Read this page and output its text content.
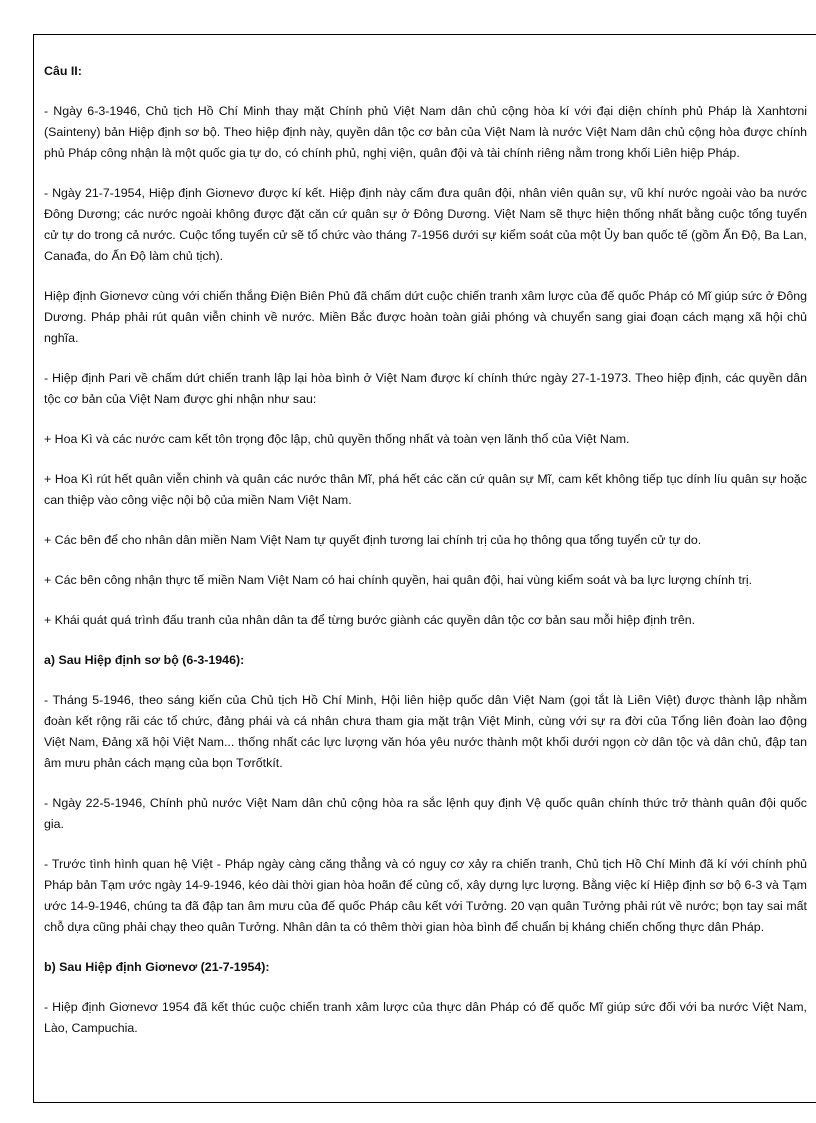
Câu II:

- Ngày 6-3-1946, Chủ tịch Hồ Chí Minh thay mặt Chính phủ Việt Nam dân chủ cộng hòa kí với đại diện chính phủ Pháp là Xanhtơni (Sainteny) bản Hiệp định sơ bộ. Theo hiệp định này, quyền dân tộc cơ bản của Việt Nam là nước Việt Nam dân chủ cộng hòa được chính phủ Pháp công nhận là một quốc gia tự do, có chính phủ, nghị viện, quân đội và tài chính riêng nằm trong khối Liên hiệp Pháp.

- Ngày 21-7-1954, Hiệp định Giơnevơ được kí kết. Hiệp định này cấm đưa quân đội, nhân viên quân sự, vũ khí nước ngoài vào ba nước Đông Dương; các nước ngoài không được đặt căn cứ quân sự ở Đông Dương. Việt Nam sẽ thực hiện thống nhất bằng cuộc tổng tuyển cử tự do trong cả nước. Cuộc tổng tuyển cử sẽ tổ chức vào tháng 7-1956 dưới sự kiểm soát của một Ủy ban quốc tế (gồm Ấn Độ, Ba Lan, Canađa, do Ấn Độ làm chủ tịch).

Hiệp định Giơnevơ cùng với chiến thắng Điện Biên Phủ đã chấm dứt cuộc chiến tranh xâm lược của đế quốc Pháp có Mĩ giúp sức ở Đông Dương. Pháp phải rút quân viễn chinh về nước. Miền Bắc được hoàn toàn giải phóng và chuyển sang giai đoạn cách mạng xã hội chủ nghĩa.

- Hiệp định Pari về chấm dứt chiến tranh lập lại hòa bình ở Việt Nam được kí chính thức ngày 27-1-1973. Theo hiệp định, các quyền dân tộc cơ bản của Việt Nam được ghi nhận như sau:

+ Hoa Kì và các nước cam kết tôn trọng độc lập, chủ quyền thống nhất và toàn vẹn lãnh thổ của Việt Nam.

+ Hoa Kì rút hết quân viễn chinh và quân các nước thân Mĩ, phá hết các căn cứ quân sự Mĩ, cam kết không tiếp tục dính líu quân sự hoặc can thiệp vào công việc nội bộ của miền Nam Việt Nam.

+ Các bên để cho nhân dân miền Nam Việt Nam tự quyết định tương lai chính trị của họ thông qua tổng tuyển cử tự do.

+ Các bên công nhận thực tế miền Nam Việt Nam có hai chính quyền, hai quân đội, hai vùng kiểm soát và ba lực lượng chính trị.

+ Khái quát quá trình đấu tranh của nhân dân ta để từng bước giành các quyền dân tộc cơ bản sau mỗi hiệp định trên.

a) Sau Hiệp định sơ bộ (6-3-1946):

- Tháng 5-1946, theo sáng kiến của Chủ tịch Hồ Chí Minh, Hội liên hiệp quốc dân Việt Nam (gọi tắt là Liên Việt) được thành lập nhằm đoàn kết rộng rãi các tổ chức, đảng phái và cá nhân chưa tham gia mặt trận Việt Minh, cùng với sự ra đời của Tổng liên đoàn lao động Việt Nam, Đảng xã hội Việt Nam... thống nhất các lực lượng văn hóa yêu nước thành một khối dưới ngọn cờ dân tộc và dân chủ, đập tan âm mưu phản cách mạng của bọn Tơrốtkít.

- Ngày 22-5-1946, Chính phủ nước Việt Nam dân chủ cộng hòa ra sắc lệnh quy định Vệ quốc quân chính thức trở thành quân đội quốc gia.

- Trước tình hình quan hệ Việt - Pháp ngày càng căng thẳng và có nguy cơ xảy ra chiến tranh, Chủ tịch Hồ Chí Minh đã kí với chính phủ Pháp bản Tạm ước ngày 14-9-1946, kéo dài thời gian hòa hoãn để củng cố, xây dựng lực lượng. Bằng việc kí Hiệp định sơ bộ 6-3 và Tạm ước 14-9-1946, chúng ta đã đập tan âm mưu của đế quốc Pháp câu kết với Tưởng. 20 vạn quân Tưởng phải rút về nước; bọn tay sai mất chỗ dựa cũng phải chạy theo quân Tưởng. Nhân dân ta có thêm thời gian hòa bình để chuẩn bị kháng chiến chống thực dân Pháp.

b) Sau Hiệp định Giơnevơ (21-7-1954):

- Hiệp định Giơnevơ 1954 đã kết thúc cuộc chiến tranh xâm lược của thực dân Pháp có đế quốc Mĩ giúp sức đối với ba nước Việt Nam, Lào, Campuchia.
